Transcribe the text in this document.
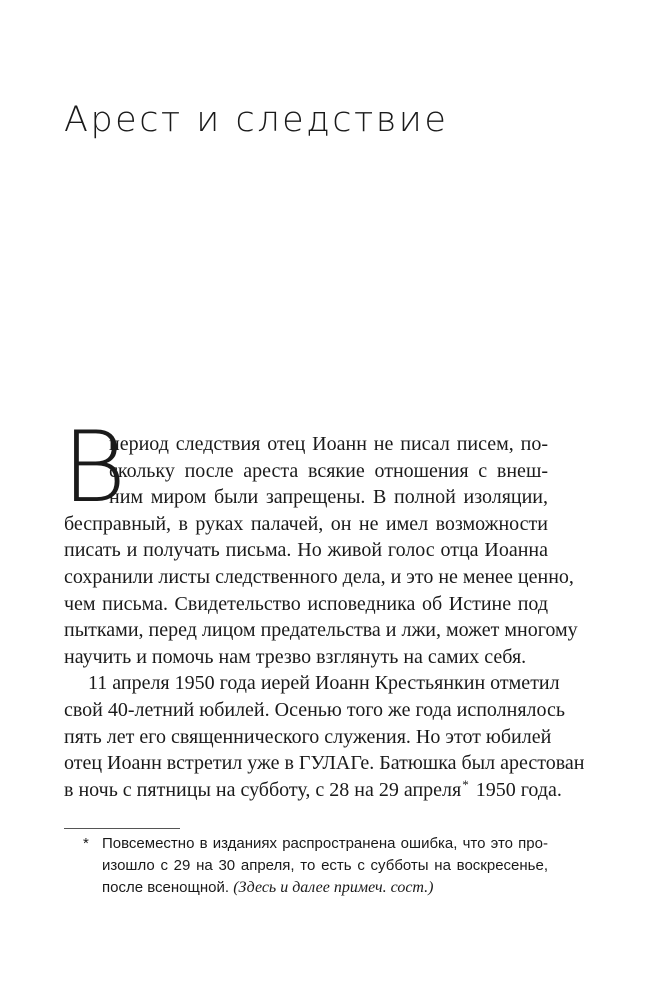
Арест и следствие
В
период следствия отец Иоанн не писал писем, по-
скольку после ареста всякие отношения с внеш-
ним миром были запрещены. В полной изоляции,
бесправный, в руках палачей, он не имел возможности
писать и получать письма. Но живой голос отца Иоанна
сохранили листы следственного дела, и это не менее ценно,
чем письма. Свидетельство исповедника об Истине под
пытками, перед лицом предательства и лжи, может многому
научить и помочь нам трезво взглянуть на самих себя.
11 апреля 1950 года иерей Иоанн Крестьянкин отметил
свой 40-летний юбилей. Осенью того же года исполнялось
пять лет его священнического служения. Но этот юбилей
отец Иоанн встретил уже в ГУЛАГе. Батюшка был арестован
в ночь с пятницы на субботу, с 28 на 29 апреля* 1950 года.
* Повсеместно в изданиях распространена ошибка, что это про-
изошло с 29 на 30 апреля, то есть с субботы на воскресенье,
после всенощной. (Здесь и далее примеч. сост.)
